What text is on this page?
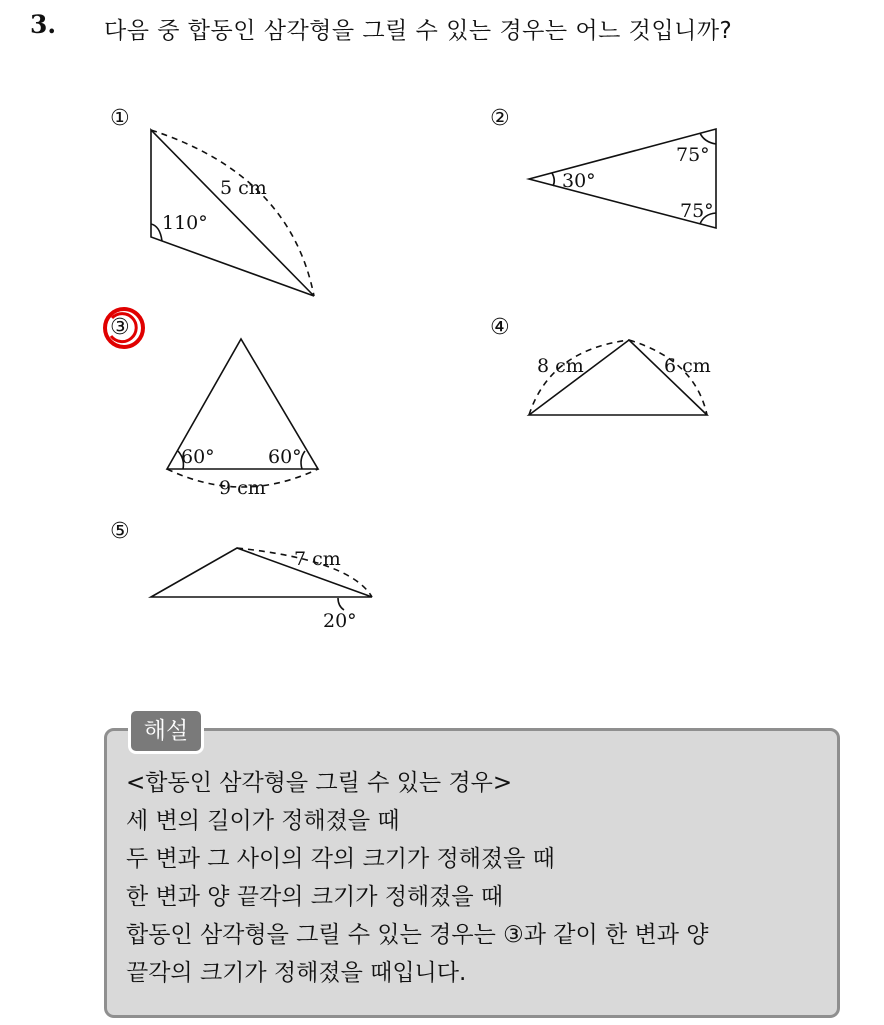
3. 다음 중 합동인 삼각형을 그릴 수 있는 경우는 어느 것입니까?
①	②
③	④
⑤
5 cm
110°
75°
30°
75°
60°	60°
9 cm
8 cm	6 cm
7 cm
20°
해설
<합동인 삼각형을 그릴 수 있는 경우>
세 변의 길이가 정해졌을 때
두 변과 그 사이의 각의 크기가 정해졌을 때
한 변과 양 끝각의 크기가 정해졌을 때
합동인 삼각형을 그릴 수 있는 경우는 ③과 같이 한 변과 양
끝각의 크기가 정해졌을 때입니다.
